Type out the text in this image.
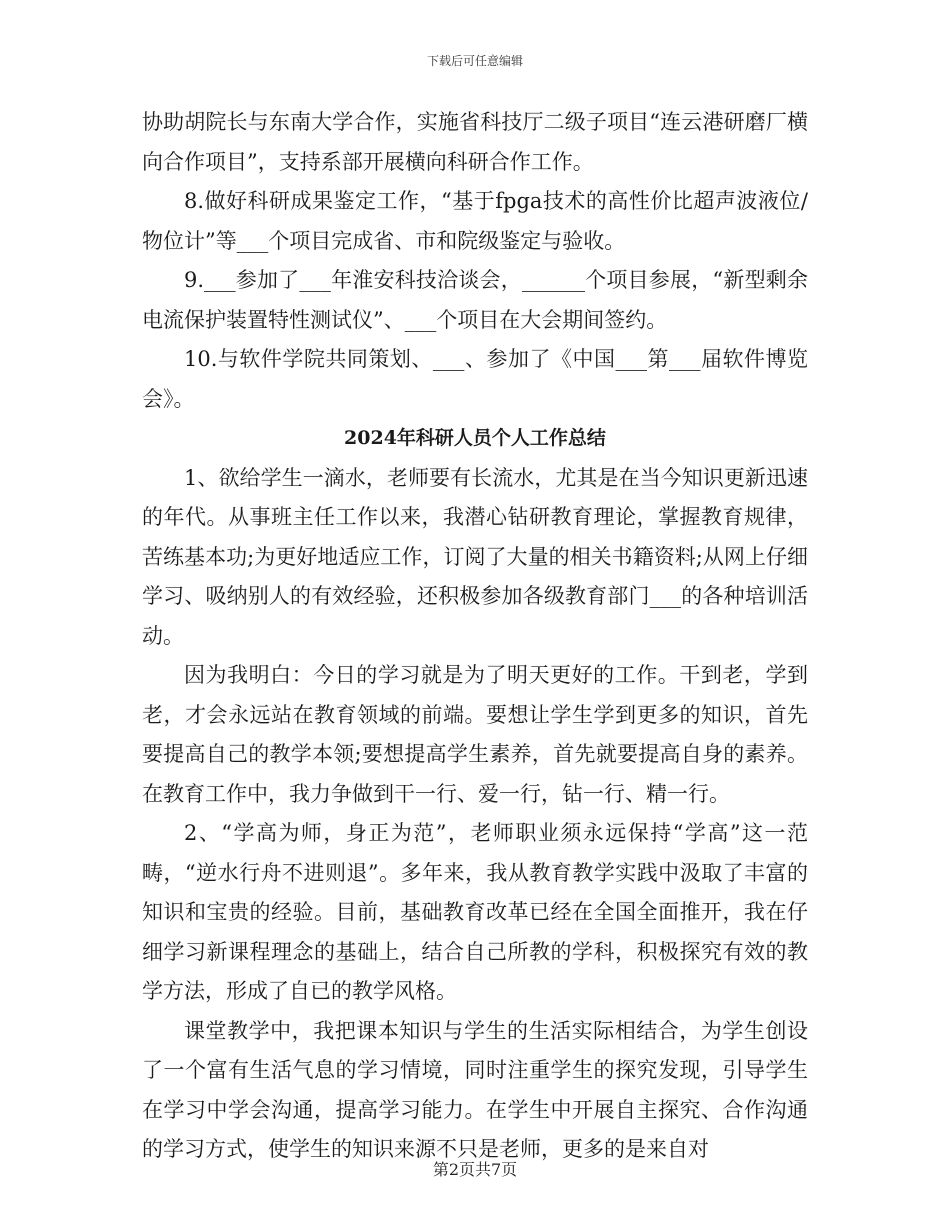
下载后可任意编辑

协助胡院长与东南大学合作，实施省科技厅二级子项目“连云港研磨厂横向合作项目”，支持系部开展横向科研合作工作。

8.做好科研成果鉴定工作，“基于fpga技术的高性价比超声波液位/物位计”等___个项目完成省、市和院级鉴定与验收。

9.___参加了___年淮安科技洽谈会，______个项目参展，“新型剩余电流保护装置特性测试仪”、___个项目在大会期间签约。

10.与软件学院共同策划、___、参加了《中国___第___届软件博览会》。

2024年科研人员个人工作总结

1、欲给学生一滴水，老师要有长流水，尤其是在当今知识更新迅速的年代。从事班主任工作以来，我潜心钻研教育理论，掌握教育规律，苦练基本功;为更好地适应工作，订阅了大量的相关书籍资料;从网上仔细学习、吸纳别人的有效经验，还积极参加各级教育部门___的各种培训活动。

因为我明白：今日的学习就是为了明天更好的工作。干到老，学到老，才会永远站在教育领域的前端。要想让学生学到更多的知识，首先要提高自己的教学本领;要想提高学生素养，首先就要提高自身的素养。在教育工作中，我力争做到干一行、爱一行，钻一行、精一行。

2、“学高为师，身正为范”，老师职业须永远保持“学高”这一范畴，“逆水行舟不进则退”。多年来，我从教育教学实践中汲取了丰富的知识和宝贵的经验。目前，基础教育改革已经在全国全面推开，我在仔细学习新课程理念的基础上，结合自己所教的学科，积极探究有效的教学方法，形成了自已的教学风格。

课堂教学中，我把课本知识与学生的生活实际相结合，为学生创设了一个富有生活气息的学习情境，同时注重学生的探究发现，引导学生在学习中学会沟通，提高学习能力。在学生中开展自主探究、合作沟通的学习方式，使学生的知识来源不只是老师，更多的是来自对

第2页共7页
